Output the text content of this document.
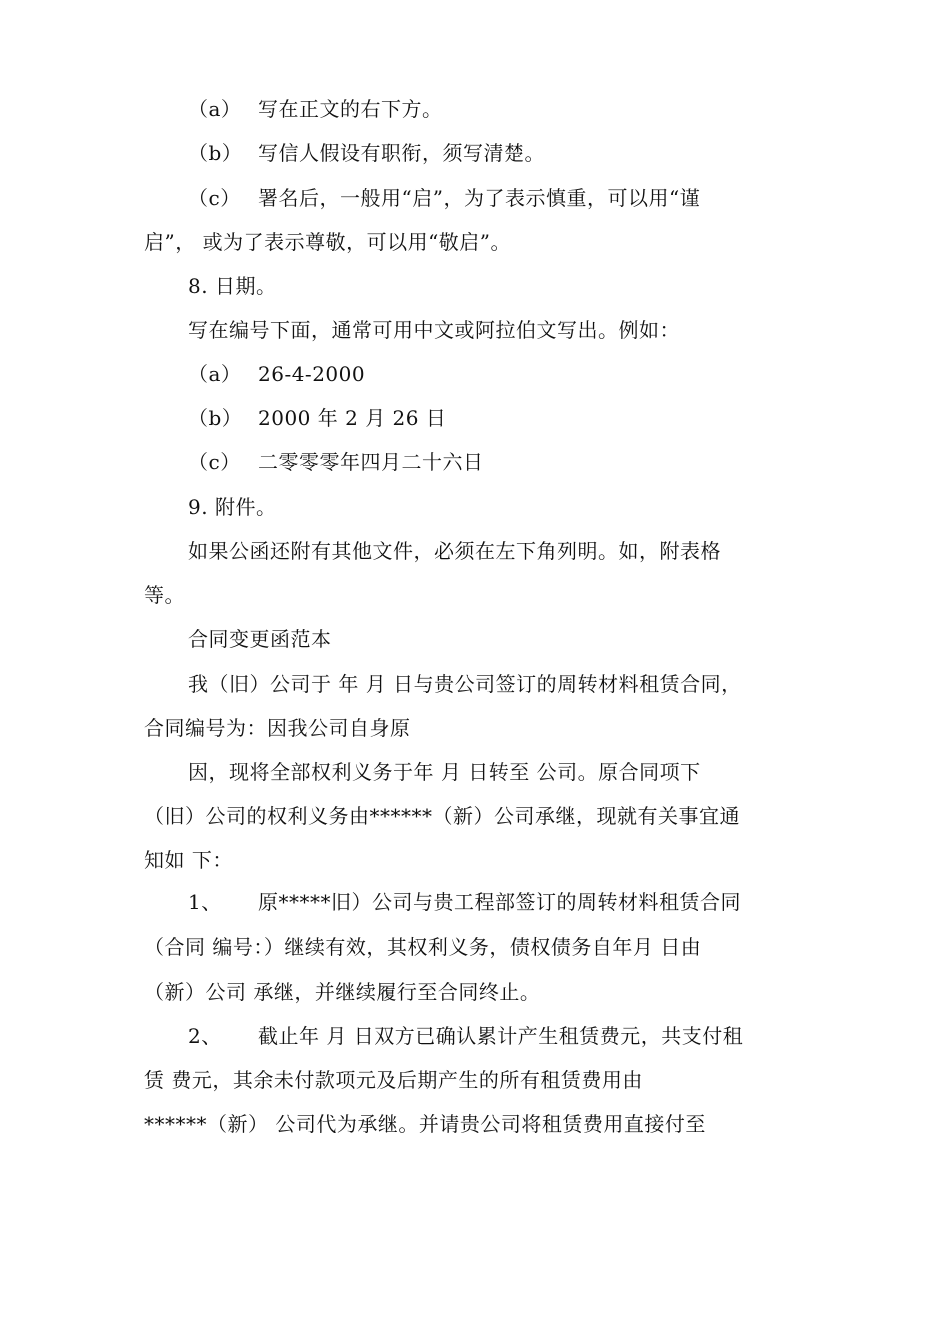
（a） 写在正文的右下方。
（b） 写信人假设有职衔，须写清楚。
（c） 署名后，一般用“启”，为了表示慎重，可以用“谨
启”， 或为了表示尊敬，可以用“敬启”。
8. 日期。
写在编号下面，通常可用中文或阿拉伯文写出。例如：
（a） 26-4-2000
（b） 2000 年 2 月 26 日
（c） 二零零零年四月二十六日
9. 附件。
如果公函还附有其他文件，必须在左下角列明。如，附表格
等。
合同变更函范本
我（旧）公司于 年 月 日与贵公司签订的周转材料租赁合同，
合同编号为：因我公司自身原
因，现将全部权利义务于年 月 日转至 公司。原合同项下
（旧）公司的权利义务由******（新）公司承继，现就有关事宜通
知如 下：
1、 原*****旧）公司与贵工程部签订的周转材料租赁合同
（合同 编号：）继续有效，其权利义务，债权债务自年月 日由
（新）公司 承继，并继续履行至合同终止。
2、 截止年 月 日双方已确认累计产生租赁费元，共支付租
赁 费元，其余未付款项元及后期产生的所有租赁费用由
******（新） 公司代为承继。并请贵公司将租赁费用直接付至
